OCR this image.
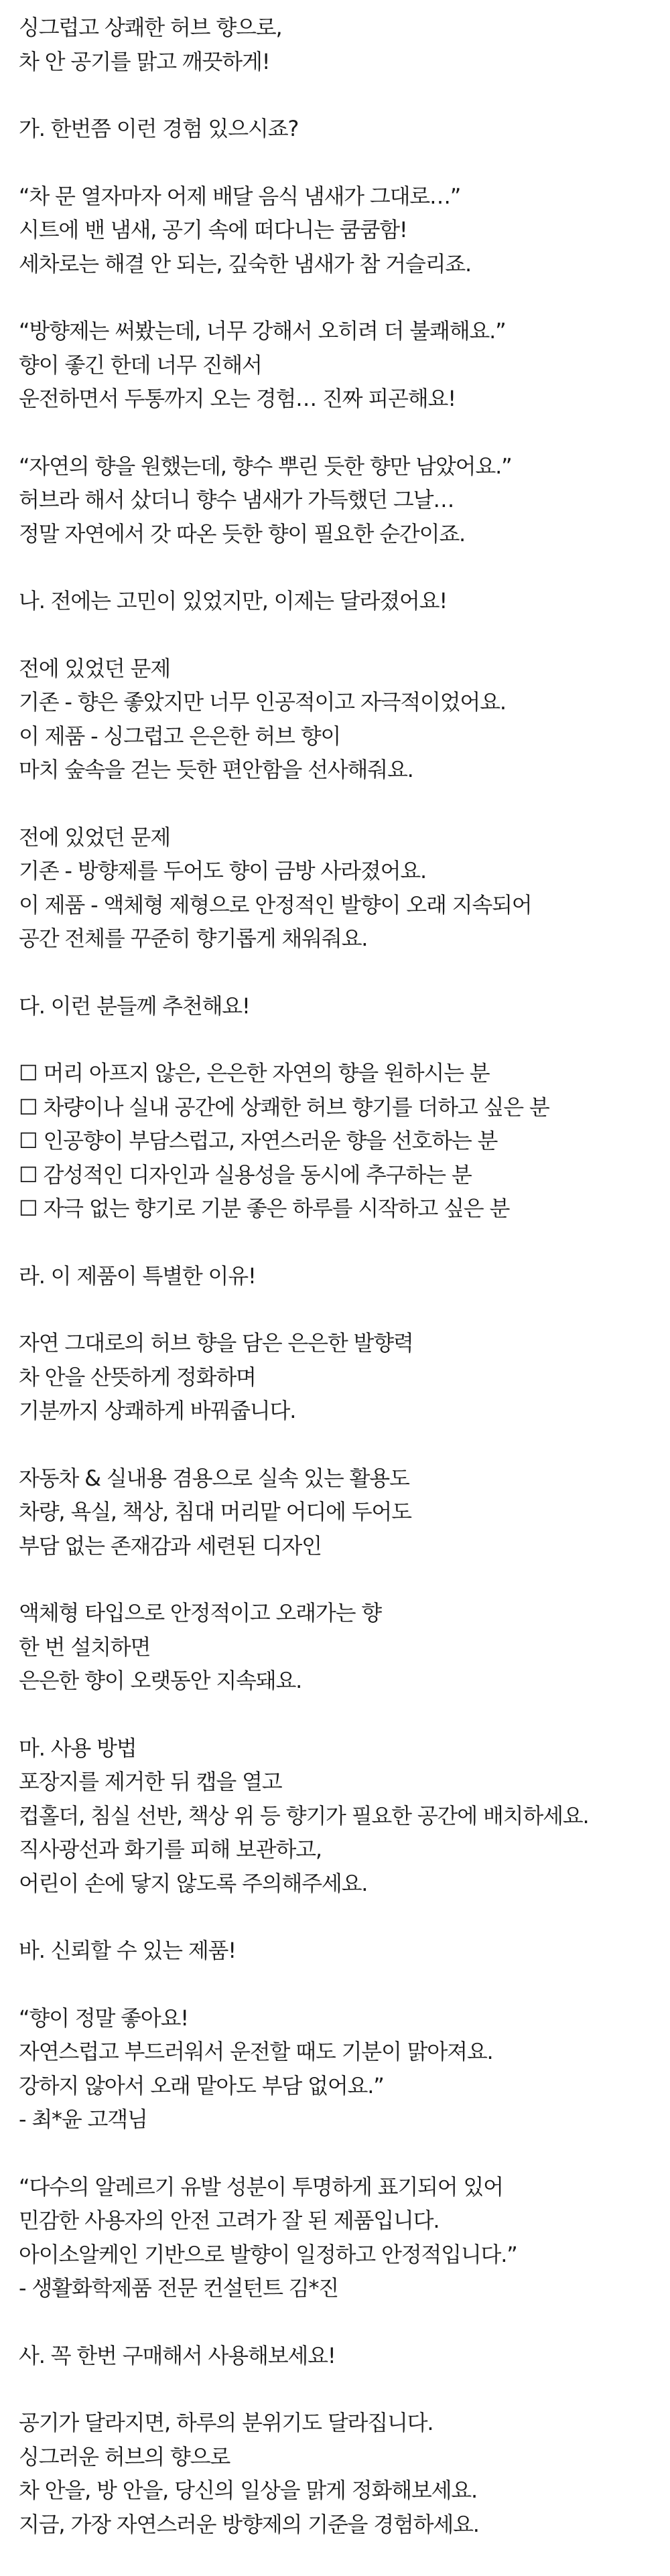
싱그럽고 상쾌한 허브 향으로,
차 안 공기를 맑고 깨끗하게!

가. 한번쯤 이런 경험 있으시죠?

“차 문 열자마자 어제 배달 음식 냄새가 그대로…”
시트에 밴 냄새, 공기 속에 떠다니는 쿰쿰함!
세차로는 해결 안 되는, 깊숙한 냄새가 참 거슬리죠.

“방향제는 써봤는데, 너무 강해서 오히려 더 불쾌해요.”
향이 좋긴 한데 너무 진해서
운전하면서 두통까지 오는 경험… 진짜 피곤해요!

“자연의 향을 원했는데, 향수 뿌린 듯한 향만 남았어요.”
허브라 해서 샀더니 향수 냄새가 가득했던 그날…
정말 자연에서 갓 따온 듯한 향이 필요한 순간이죠.

나. 전에는 고민이 있었지만, 이제는 달라졌어요!

전에 있었던 문제
기존 - 향은 좋았지만 너무 인공적이고 자극적이었어요.
이 제품 - 싱그럽고 은은한 허브 향이
마치 숲속을 걷는 듯한 편안함을 선사해줘요.

전에 있었던 문제
기존 - 방향제를 두어도 향이 금방 사라졌어요.
이 제품 - 액체형 제형으로 안정적인 발향이 오래 지속되어
공간 전체를 꾸준히 향기롭게 채워줘요.

다. 이런 분들께 추천해요!

☐ 머리 아프지 않은, 은은한 자연의 향을 원하시는 분
☐ 차량이나 실내 공간에 상쾌한 허브 향기를 더하고 싶은 분
☐ 인공향이 부담스럽고, 자연스러운 향을 선호하는 분
☐ 감성적인 디자인과 실용성을 동시에 추구하는 분
☐ 자극 없는 향기로 기분 좋은 하루를 시작하고 싶은 분

라. 이 제품이 특별한 이유!

자연 그대로의 허브 향을 담은 은은한 발향력
차 안을 산뜻하게 정화하며
기분까지 상쾌하게 바꿔줍니다.

자동차 & 실내용 겸용으로 실속 있는 활용도
차량, 욕실, 책상, 침대 머리맡 어디에 두어도
부담 없는 존재감과 세련된 디자인

액체형 타입으로 안정적이고 오래가는 향
한 번 설치하면
은은한 향이 오랫동안 지속돼요.

마. 사용 방법
포장지를 제거한 뒤 캡을 열고
컵홀더, 침실 선반, 책상 위 등 향기가 필요한 공간에 배치하세요.
직사광선과 화기를 피해 보관하고,
어린이 손에 닿지 않도록 주의해주세요.

바. 신뢰할 수 있는 제품!

“향이 정말 좋아요!
자연스럽고 부드러워서 운전할 때도 기분이 맑아져요.
강하지 않아서 오래 맡아도 부담 없어요.”
- 최*윤 고객님

“다수의 알레르기 유발 성분이 투명하게 표기되어 있어
민감한 사용자의 안전 고려가 잘 된 제품입니다.
아이소알케인 기반으로 발향이 일정하고 안정적입니다.”
- 생활화학제품 전문 컨설턴트 김*진

사. 꼭 한번 구매해서 사용해보세요!

공기가 달라지면, 하루의 분위기도 달라집니다.
싱그러운 허브의 향으로
차 안을, 방 안을, 당신의 일상을 맑게 정화해보세요.
지금, 가장 자연스러운 방향제의 기준을 경험하세요.
